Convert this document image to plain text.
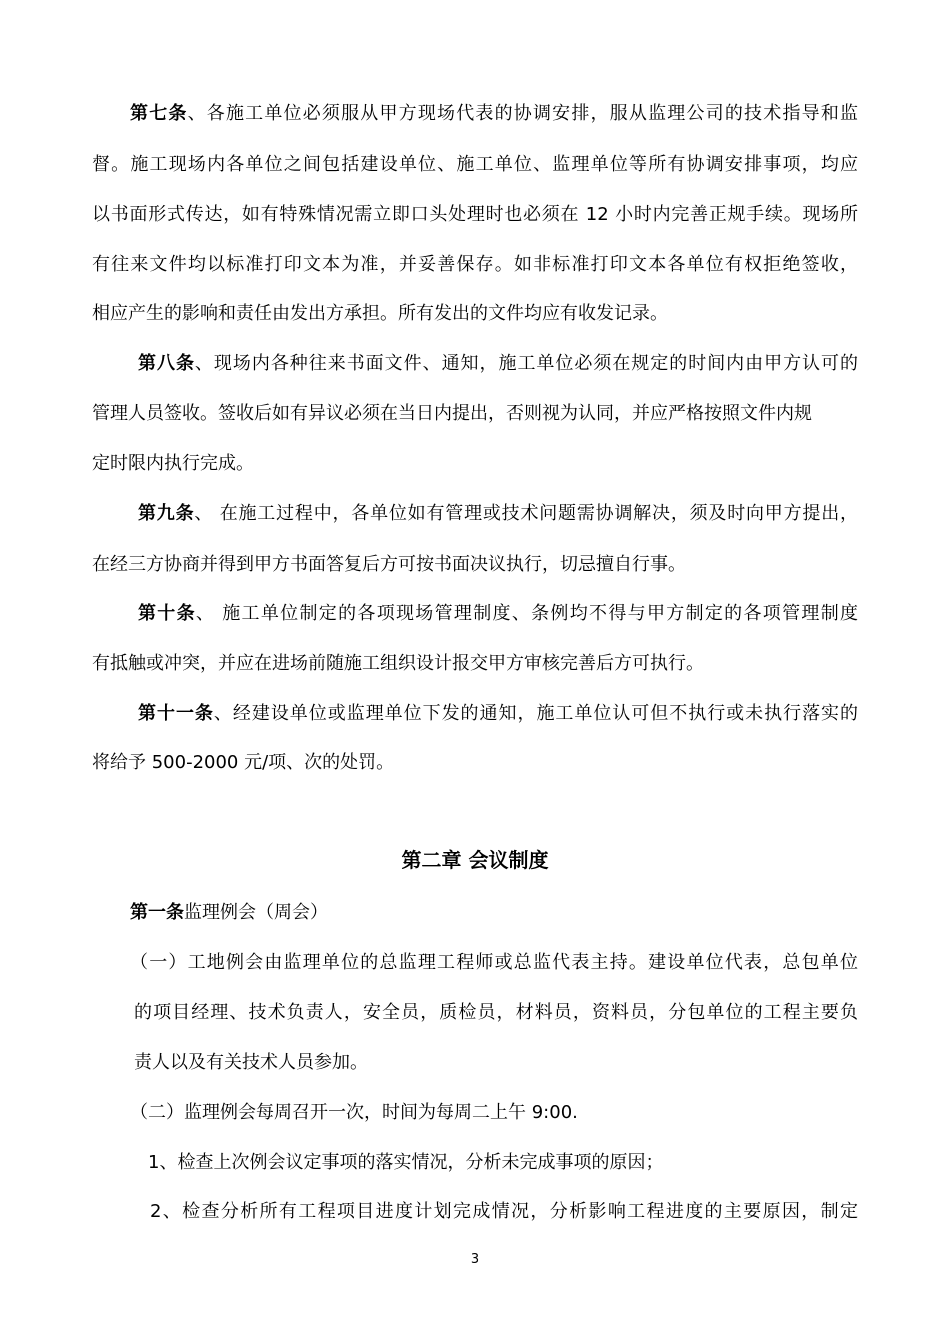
第七条、各施工单位必须服从甲方现场代表的协调安排，服从监理公司的技术指导和监
督。施工现场内各单位之间包括建设单位、施工单位、监理单位等所有协调安排事项，均应
以书面形式传达，如有特殊情况需立即口头处理时也必须在 12 小时内完善正规手续。现场所
有往来文件均以标准打印文本为准，并妥善保存。如非标准打印文本各单位有权拒绝签收，
相应产生的影响和责任由发出方承担。所有发出的文件均应有收发记录。
第八条、现场内各种往来书面文件、通知，施工单位必须在规定的时间内由甲方认可的
管理人员签收。签收后如有异议必须在当日内提出，否则视为认同，并应严格按照文件内规
定时限内执行完成。
第九条、 在施工过程中，各单位如有管理或技术问题需协调解决，须及时向甲方提出，
在经三方协商并得到甲方书面答复后方可按书面决议执行，切忌擅自行事。
第十条、 施工单位制定的各项现场管理制度、条例均不得与甲方制定的各项管理制度
有抵触或冲突，并应在进场前随施工组织设计报交甲方审核完善后方可执行。
第十一条、经建设单位或监理单位下发的通知，施工单位认可但不执行或未执行落实的
将给予 500-2000 元/项、次的处罚。
第二章 会议制度
第一条监理例会（周会）
（一）工地例会由监理单位的总监理工程师或总监代表主持。建设单位代表，总包单位
的项目经理、技术负责人，安全员，质检员，材料员，资料员，分包单位的工程主要负
责人以及有关技术人员参加。
（二）监理例会每周召开一次，时间为每周二上午 9:00.
1、检查上次例会议定事项的落实情况，分析未完成事项的原因；
2、检查分析所有工程项目进度计划完成情况，分析影响工程进度的主要原因，制定
3
